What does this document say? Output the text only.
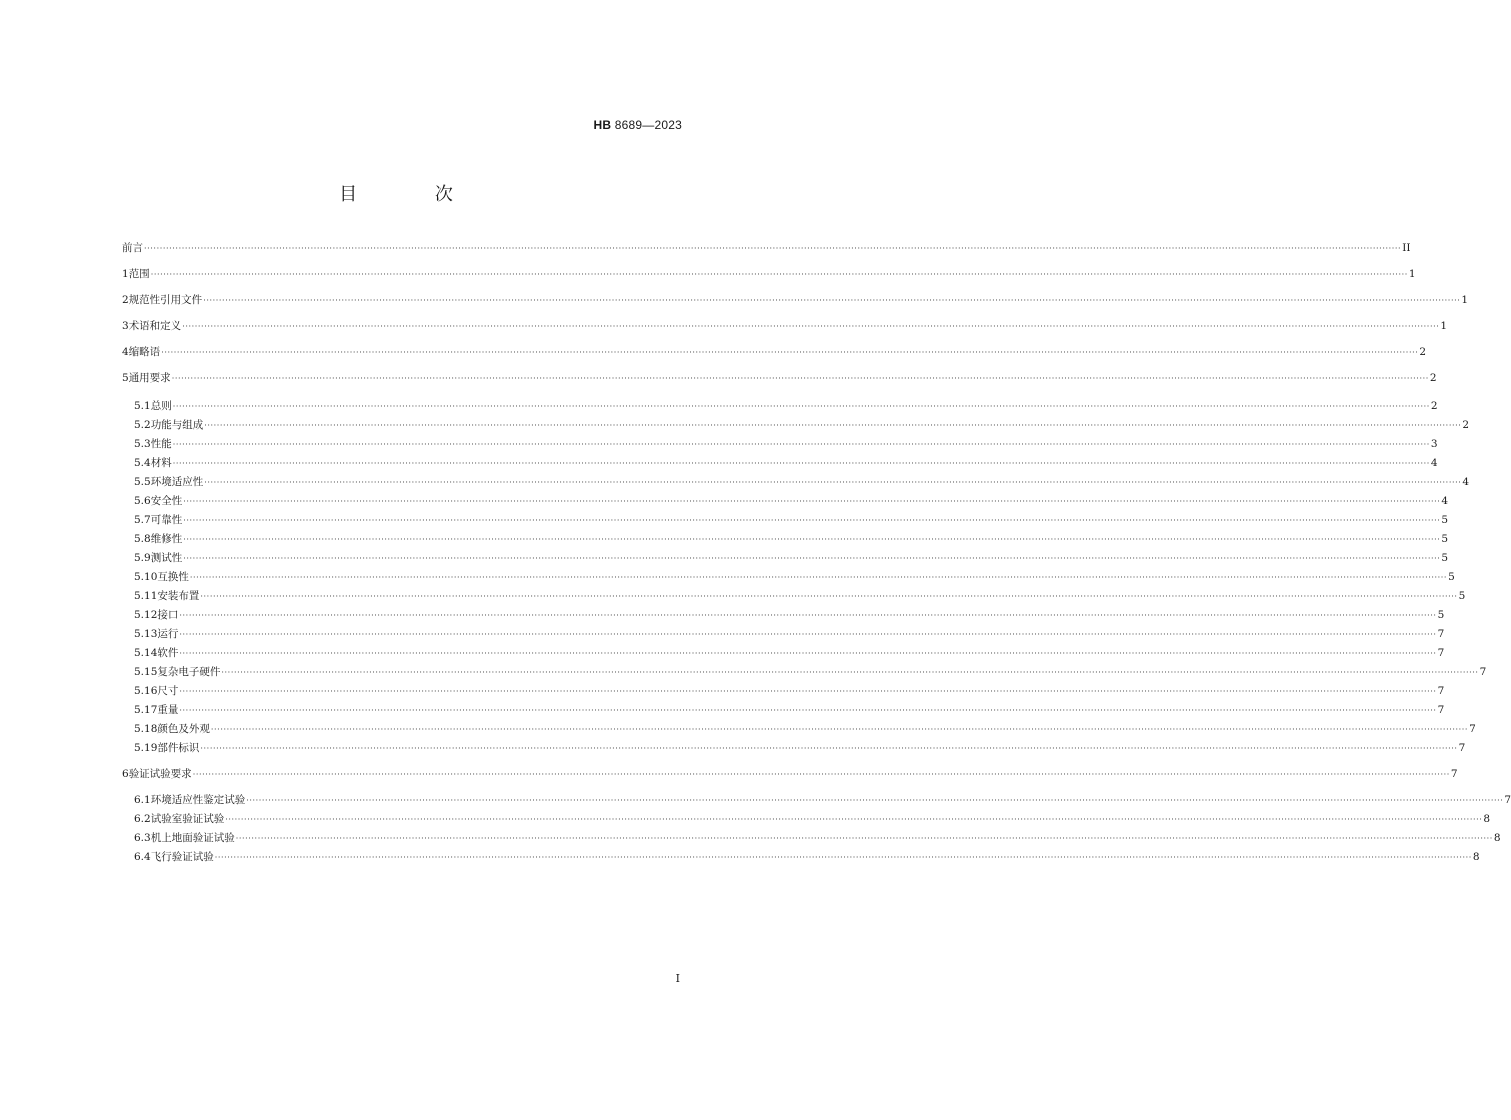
HB 8689—2023
目 次
前言 ················································································································································································································································································································································································································ II
1 范围 ················································································································································································································································································································································································································ 1
2 规范性引用文件 ················································································································································································································································································································································································································ 1
3 术语和定义 ················································································································································································································································································································································································································ 1
4 缩略语 ················································································································································································································································································································································································································ 2
5 通用要求 ················································································································································································································································································································································································································ 2
5.1 总则 ················································································································································································································································································································································································································ 2
5.2 功能与组成 ················································································································································································································································································································································································································ 2
5.3 性能 ················································································································································································································································································································································································································ 3
5.4 材料 ················································································································································································································································································································································································································ 4
5.5 环境适应性 ················································································································································································································································································································································································································ 4
5.6 安全性 ················································································································································································································································································································································································································ 4
5.7 可靠性 ················································································································································································································································································································································································································ 5
5.8 维修性 ················································································································································································································································································································································································································ 5
5.9 测试性 ················································································································································································································································································································································································································ 5
5.10 互换性 ················································································································································································································································································································································································································ 5
5.11 安装布置 ················································································································································································································································································································································································································ 5
5.12 接口 ················································································································································································································································································································································································································ 5
5.13 运行 ················································································································································································································································································································································································································ 7
5.14 软件 ················································································································································································································································································································································································································ 7
5.15 复杂电子硬件 ················································································································································································································································································································································································································ 7
5.16 尺寸 ················································································································································································································································································································································································································ 7
5.17 重量 ················································································································································································································································································································································································································ 7
5.18 颜色及外观 ················································································································································································································································································································································································································ 7
5.19 部件标识 ················································································································································································································································································································································································································ 7
6 验证试验要求 ················································································································································································································································································································································································································ 7
6.1 环境适应性鉴定试验 ················································································································································································································································································································································································································ 7
6.2 试验室验证试验 ················································································································································································································································································································································································································ 8
6.3 机上地面验证试验 ················································································································································································································································································································································································································ 8
6.4 飞行验证试验 ················································································································································································································································································································································································································ 8
I
